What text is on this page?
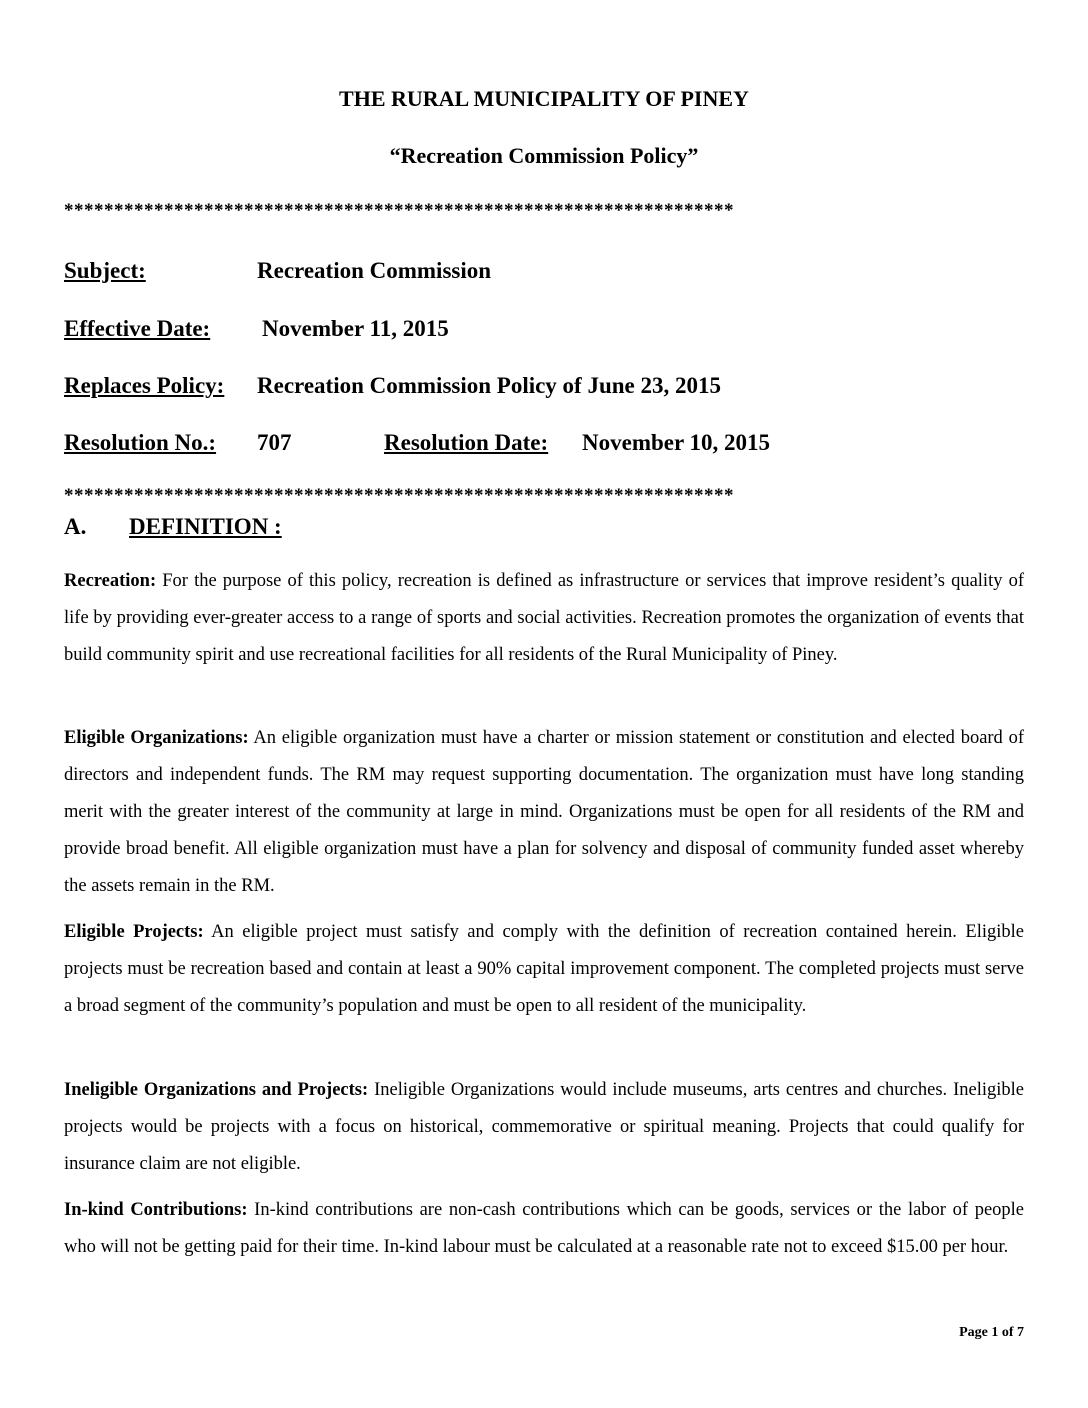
THE RURAL MUNICIPALITY OF PINEY
“Recreation Commission Policy”
*******************************************************************
Subject:	Recreation Commission
Effective Date: November 11, 2015
Replaces Policy: Recreation Commission Policy of June 23, 2015
Resolution No.: 707	Resolution Date: November 10, 2015
*******************************************************************
A. DEFINITION :

Recreation: For the purpose of this policy, recreation is defined as infrastructure or services that improve resident’s quality of life by providing ever-greater access to a range of sports and social activities. Recreation promotes the organization of events that build community spirit and use recreational facilities for all residents of the Rural Municipality of Piney.

Eligible Organizations: An eligible organization must have a charter or mission statement or constitution and elected board of directors and independent funds. The RM may request supporting documentation. The organization must have long standing merit with the greater interest of the community at large in mind. Organizations must be open for all residents of the RM and provide broad benefit. All eligible organization must have a plan for solvency and disposal of community funded asset whereby the assets remain in the RM.

Eligible Projects: An eligible project must satisfy and comply with the definition of recreation contained herein. Eligible projects must be recreation based and contain at least a 90% capital improvement component. The completed projects must serve a broad segment of the community’s population and must be open to all resident of the municipality.

Ineligible Organizations and Projects: Ineligible Organizations would include museums, arts centres and churches. Ineligible projects would be projects with a focus on historical, commemorative or spiritual meaning. Projects that could qualify for insurance claim are not eligible.

In-kind Contributions: In-kind contributions are non-cash contributions which can be goods, services or the labor of people who will not be getting paid for their time. In-kind labour must be calculated at a reasonable rate not to exceed $15.00 per hour.

Page 1 of 7
